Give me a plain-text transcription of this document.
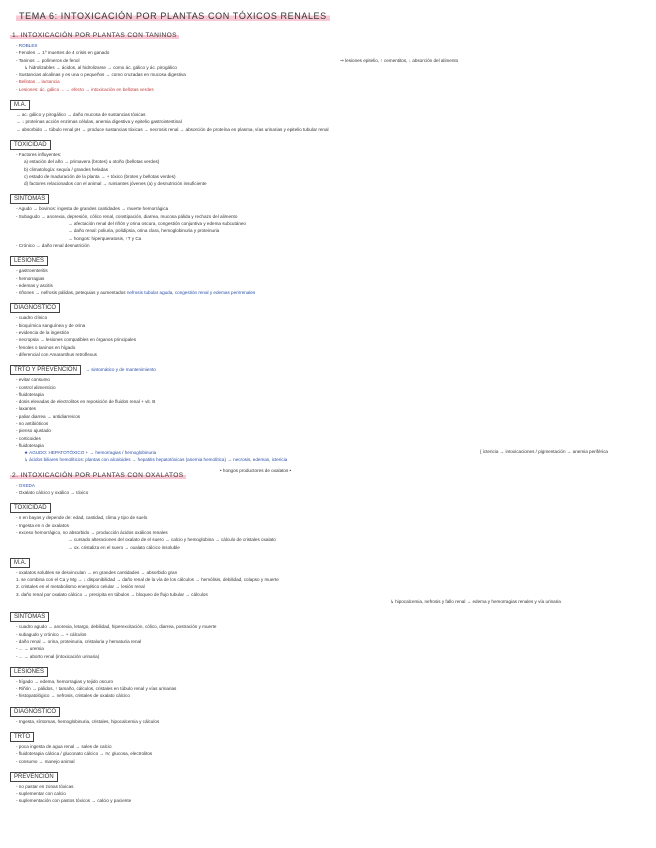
TEMA 6: INTOXICACIÓN POR PLANTAS CON TÓXICOS RENALES
1. INTOXICACIÓN POR PLANTAS CON TANINOS
- ROBLES
- Fenoles → 1º muertes de 4 crisis en ganado
- Taninos → polímeros de fenol
↳ hidrolizables → ácidos, al hidrolizarse → como ác. gálico y ác. pirogálico
- Sustancias alcalinas y es una o pequeños → como cruzadas en mucosa digestiva
- Bellotas ... lactancia
- Lesiones: ác. gálico ... → efecto → intoxicación en bellotas verdes
⇒ lesiones epitelio, ↑ cementitos, ↓ absorción del alimento
M.A.
→ ac. gálico y pirogálico → daño mucosa de sustancias tóxicas
→ ↓ proteínas acción enzimas células, anemia digestiva y epitelio gastrointestinal
→ absorbido → túbulo renal pH → produce sustancias tóxicas → necrosis renal → absorción de proteína en plasma, vías urinarias y epitelio tubular renal
TOXICIDAD
- Factores influyentes:
a) estación del año → primavera (brotes) u otoño (bellotas verdes)
b) climatología: sequía / grandes heladas
c) estado de maduración de la planta → + tóxico (brotes y bellotas verdes)
d) factores relacionados con el animal → rumiantes jóvenes (a) y desnutrición insuficiente
SÍNTOMAS
- Agudo → bovinos: ingesta de grandes cantidades → muerte hemorrágica
- Subagudo → anorexia, depresión, cólico renal, constipación, diarrea, mucosa pálida y rechazo del alimento
→ afectación renal del riñón y orina oscura, congestión conjuntiva y edema subcutáneo
→ daño renal: poliuria, polidipsia, orina clara, hemoglobinuria y proteinuria
→ hongos: hiperqueratosis, ↑T y Ca
- Crónico → daño renal desnutrición
LESIONES
- gastroenteritis
- hemorragias
- edemas y ascitis
- riñones → nefrosis pálidas, petequias y aumentados nefrosis tubular aguda, congestión renal y edemas perirrenales
DIAGNÓSTICO
- cuadro clínico
- bioquímica sanguínea y de orina
- evidencia de la ingestión
- necropsia → lesiones compatibles en órganos principales
- fenoles o taninos en hígado
- diferencial con Amaranthus retroflexus
TRTO Y PREVENCIÓN → sintomático y de mantenimiento
- evitar consumo
- control alimenticio
- fluidoterapia
- dosis elevadas de electrolitos en reposición de fluidos renal + vit. B
- laxantes
- paliar diarrea → antidiarreicos
- no antibióticos
- pienso ajustado
- corticoides
- fluidoterapia
★ AGUDO: HEPATOTÓXICO + → hemorragias / hemoglobinuria
↳ ácidos biliares hemolíticos: plantas con alcaloides → hepatitis hepatotóxicas (anemia hemolítica) → necrosis, edemas, ictericia
{ ictericia → intoxicaciones / pigmentación → anemia periférica
2. INTOXICACIÓN POR PLANTAS CON OXALATOS
• hongos productores de oxalatos •
- OXEDA
- Oxalato cálcico y oxálico → tóxico
TOXICIDAD
- n en bayas y depende de: edad, cantidad, clima y tipo de suelo
- Ingesta en n de oxalatos
- exceso hemorrágico, no absorbido → producción ácidos oxálicos renales
→ cursado alteraciones del oxalato de el suero → calcio y hemoglobina → cálculo de cristales oxalato
→ ox. cristaliza en el suero → oxalato cálcico insoluble
M.A.
- oxalatos solubles se desvinculan → en grandes cantidades → absorbido gran
1. se combina con el Ca y Mg → ↓ disponibilidad → daño renal de la vía de los cálculos → hemólisis, debilidad, colapso y muerte
2. cristales en el metabolismo energético celular → lesión renal
3. daño renal por oxalato cálcico → precipita en túbulos → bloqueo de flujo tubular → cálculos
↳ hipocalcemia, nefrosis y fallo renal → edema y hemorragias renales y vía urinaria
SÍNTOMAS
- cuadro agudo → anorexia, letargo, debilidad, hiperexcitación, cólico, diarrea, postración y muerte
- subagudo y crónico → + cálculos
- daño renal → orina, proteinuria, cristaluria y hematuria renal
- ... → uremia
- ... → aborto renal (intoxicación urinaria)
LESIONES
- hígado → edema, hemorragias y tejido oscuro
- Riñón → pálidos, ↑ tamaño, cálculos, cristales en túbulo renal y vías urinarias
- histopatológico → nefrosis, cristales de oxalato cálcico
DIAGNÓSTICO
- Ingesta, síntomas, hemoglobinuria, cristales, hipocalcemia y cálculos
TRTO
- poca ingesta de agua renal → sales de calcio
- fluidoterapia cálcica / gluconato cálcico → IV, glucosa, electrolitos
- consumo → manejo animal
PREVENCIÓN
- no pastar en zonas tóxicas
- suplementar con calcio
- suplementación con pastos tóxicos → calcio y paciente
